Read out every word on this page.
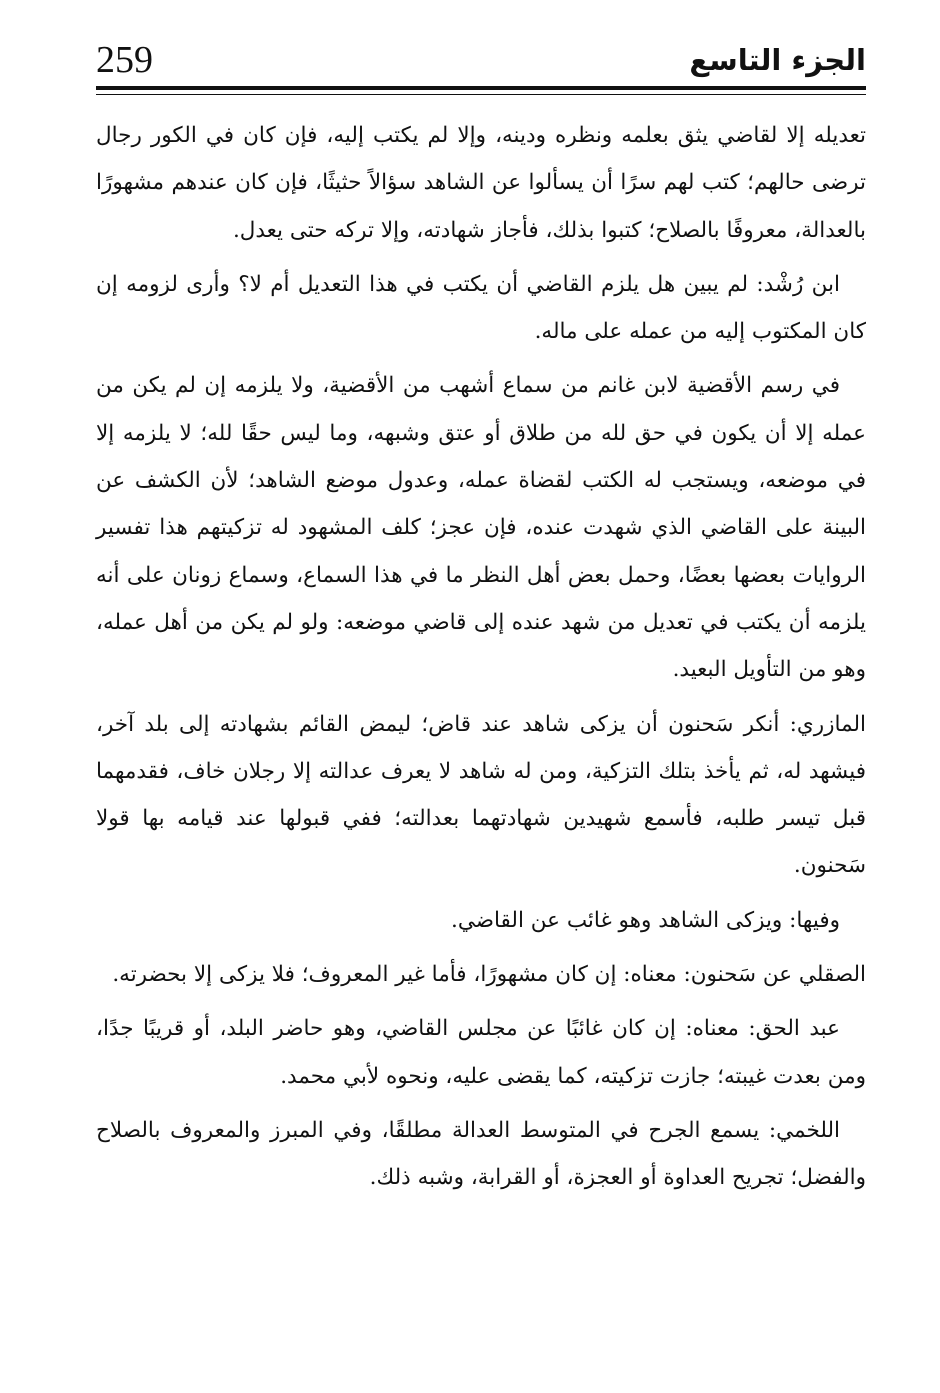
259	الجزء التاسع

تعديله إلا لقاضي يثق بعلمه ونظره ودينه، وإلا لم يكتب إليه، فإن كان في الكور رجال ترضى حالهم؛ كتب لهم سرًا أن يسألوا عن الشاهد سؤالاً حثيثًا، فإن كان عندهم مشهورًا بالعدالة، معروفًا بالصلاح؛ كتبوا بذلك، فأجاز شهادته، وإلا تركه حتى يعدل.

ابن رُشْد: لم يبين هل يلزم القاضي أن يكتب في هذا التعديل أم لا؟ وأرى لزومه إن كان المكتوب إليه من عمله على ماله.

في رسم الأقضية لابن غانم من سماع أشهب من الأقضية، ولا يلزمه إن لم يكن من عمله إلا أن يكون في حق لله من طلاق أو عتق وشبهه، وما ليس حقًا لله؛ لا يلزمه إلا في موضعه، ويستجب له الكتب لقضاة عمله، وعدول موضع الشاهد؛ لأن الكشف عن البينة على القاضي الذي شهدت عنده، فإن عجز؛ كلف المشهود له تزكيتهم هذا تفسير الروايات بعضها بعضًا، وحمل بعض أهل النظر ما في هذا السماع، وسماع زونان على أنه يلزمه أن يكتب في تعديل من شهد عنده إلى قاضي موضعه: ولو لم يكن من أهل عمله، وهو من التأويل البعيد.

المازري: أنكر سَحنون أن يزكى شاهد عند قاض؛ ليمض القائم بشهادته إلى بلد آخر، فيشهد له، ثم يأخذ بتلك التزكية، ومن له شاهد لا يعرف عدالته إلا رجلان خاف، فقدمهما قبل تيسر طلبه، فأسمع شهيدين شهادتهما بعدالته؛ ففي قبولها عند قيامه بها قولا سَحنون.

وفيها: ويزكى الشاهد وهو غائب عن القاضي.

الصقلي عن سَحنون: معناه: إن كان مشهورًا، فأما غير المعروف؛ فلا يزكى إلا بحضرته.

عبد الحق: معناه: إن كان غائبًا عن مجلس القاضي، وهو حاضر البلد، أو قريبًا جدًا، ومن بعدت غيبته؛ جازت تزكيته، كما يقضى عليه، ونحوه لأبي محمد.

اللخمي: يسمع الجرح في المتوسط العدالة مطلقًا، وفي المبرز والمعروف بالصلاح والفضل؛ تجريح العداوة أو العجزة، أو القرابة، وشبه ذلك.
